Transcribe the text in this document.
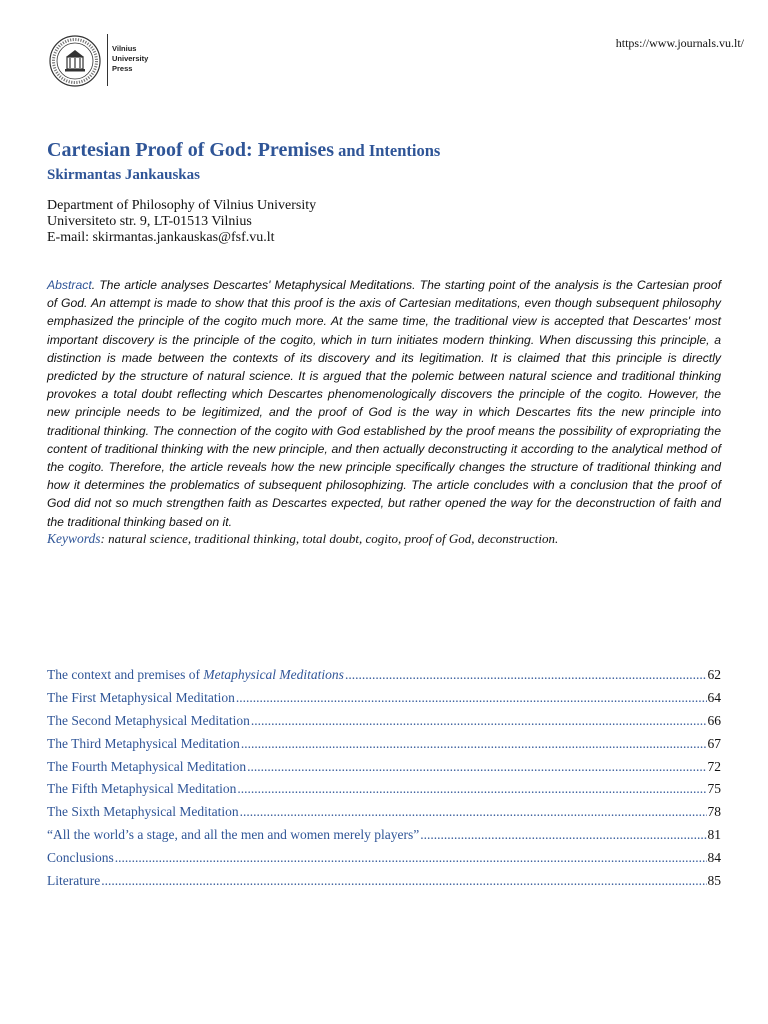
Vilnius
University
Press
https://www.journals.vu.lt/
Cartesian Proof of God: Premises and Intentions
Skirmantas Jankauskas
Department of Philosophy of Vilnius University
Universiteto str. 9, LT-01513 Vilnius
E-mail: skirmantas.jankauskas@fsf.vu.lt

Abstract. The article analyses Descartes' Metaphysical Meditations. The starting point of the analysis is the Cartesian proof of God. An attempt is made to show that this proof is the axis of Cartesian meditations, even though subsequent philosophy emphasized the principle of the cogito much more. At the same time, the traditional view is accepted that Descartes' most important discovery is the principle of the cogito, which in turn initiates modern thinking. When discussing this principle, a distinction is made between the contexts of its discovery and its legitimation. It is claimed that this principle is directly predicted by the structure of natural science. It is argued that the polemic between natural science and traditional thinking provokes a total doubt reflecting which Descartes phenomenologically discovers the principle of the cogito. However, the new principle needs to be legitimized, and the proof of God is the way in which Descartes fits the new principle into traditional thinking. The connection of the cogito with God established by the proof means the possibility of expropriating the content of traditional thinking with the new principle, and then actually deconstructing it according to the analytical method of the cogito. Therefore, the article reveals how the new principle specifically changes the structure of traditional thinking and how it determines the problematics of subsequent philosophizing. The article concludes with a conclusion that the proof of God did not so much strengthen faith as Descartes expected, but rather opened the way for the deconstruction of faith and the traditional thinking based on it.

Keywords: natural science, traditional thinking, total doubt, cogito, proof of God, deconstruction.
The context and premises of Metaphysical Meditations .....	62
The First Metaphysical Meditation .....	64
The Second Metaphysical Meditation .....	66
The Third Metaphysical Meditation .....	67
The Fourth Metaphysical Meditation .....	72
The Fifth Metaphysical Meditation .....	75
The Sixth Metaphysical Meditation .....	78
“All the world’s a stage, and all the men and women merely players” .....	81
Conclusions .....	84
Literature .....	85
